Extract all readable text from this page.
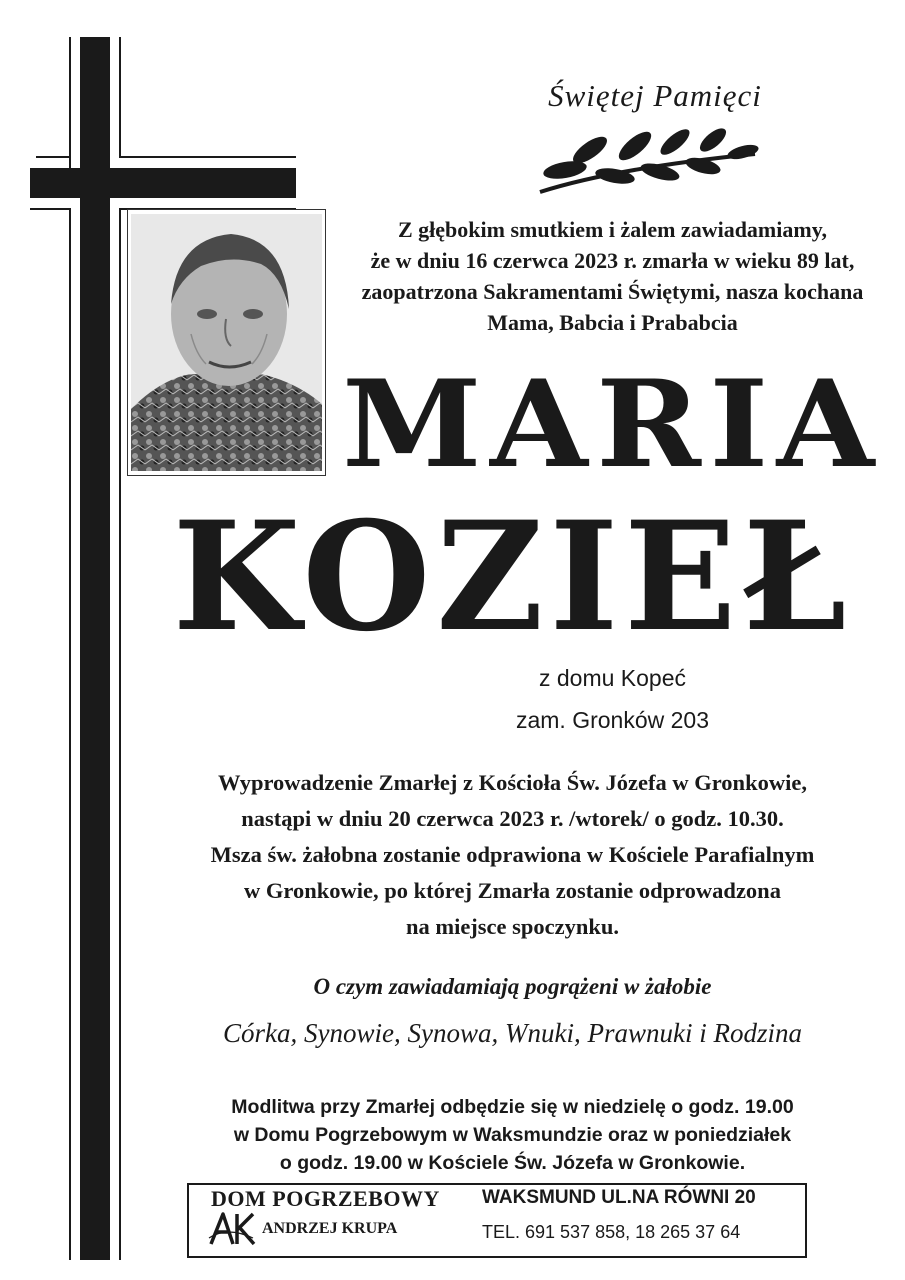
Świętej Pamięci
Z głębokim smutkiem i żalem zawiadamiamy,
że w dniu 16 czerwca 2023 r. zmarła w wieku 89 lat,
zaopatrzona Sakramentami Świętymi, nasza kochana
Mama, Babcia i Prababcia
MARIA
KOZIEŁ
z domu Kopeć
zam. Gronków 203
Wyprowadzenie Zmarłej z Kościoła Św. Józefa w Gronkowie,
nastąpi w dniu 20 czerwca 2023 r. /wtorek/ o godz. 10.30.
Msza św. żałobna zostanie odprawiona w Kościele Parafialnym
w Gronkowie, po której Zmarła zostanie odprowadzona
na miejsce spoczynku.
O czym zawiadamiają pogrążeni w żałobie
Córka, Synowie, Synowa, Wnuki, Prawnuki i Rodzina
Modlitwa przy Zmarłej odbędzie się w niedzielę o godz. 19.00
w Domu Pogrzebowym w Waksmundzie oraz w poniedziałek
o godz. 19.00 w Kościele Św. Józefa w Gronkowie.
DOM POGRZEBOWY
ANDRZEJ KRUPA
WAKSMUND UL.NA RÓWNI 20
TEL. 691 537 858, 18 265 37 64
